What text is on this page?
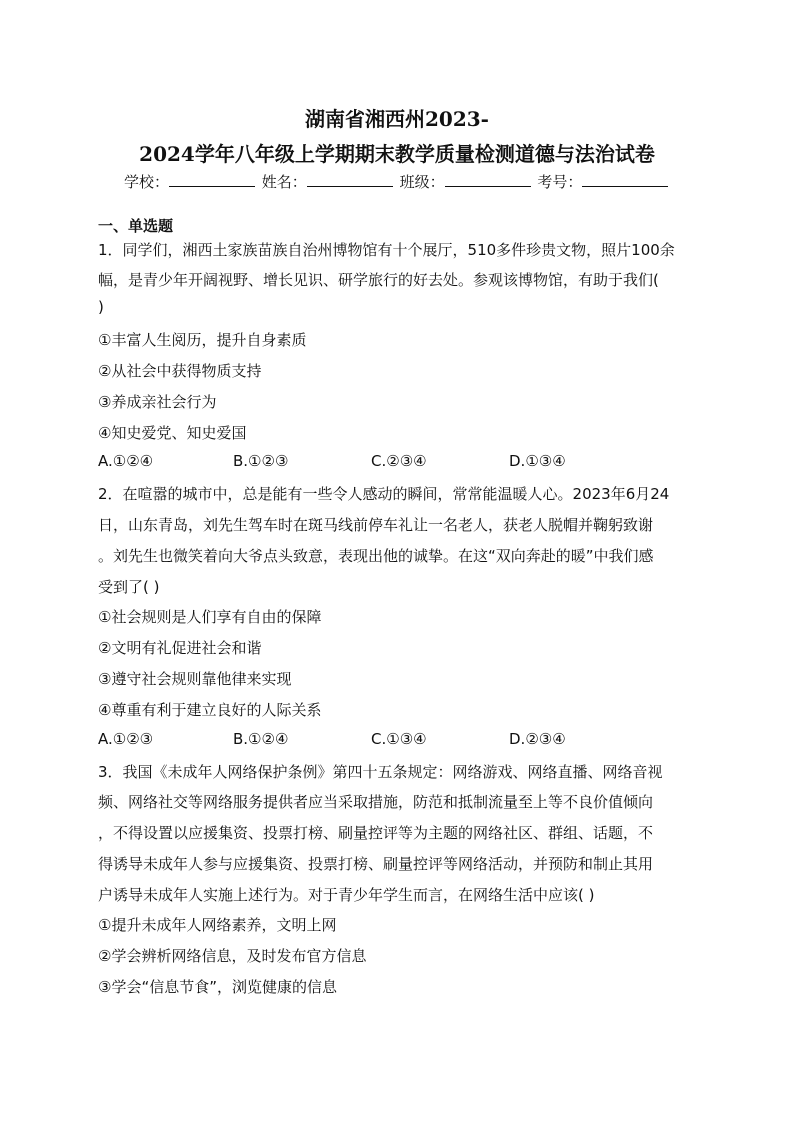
湖南省湘西州2023-
2024学年八年级上学期期末教学质量检测道德与法治试卷
学校：	姓名：	班级：	考号：
一、单选题
1．同学们，湘西土家族苗族自治州博物馆有十个展厅，510多件珍贵文物，照片100余
幅，是青少年开阔视野、增长见识、研学旅行的好去处。参观该博物馆，有助于我们(
)
①丰富人生阅历，提升自身素质
②从社会中获得物质支持
③养成亲社会行为
④知史爱党、知史爱国
A.①②④	B.①②③	C.②③④	D.①③④
2．在喧嚣的城市中，总是能有一些令人感动的瞬间，常常能温暖人心。2023年6月24
日，山东青岛，刘先生驾车时在斑马线前停车礼让一名老人，获老人脱帽并鞠躬致谢
。刘先生也微笑着向大爷点头致意，表现出他的诚挚。在这“双向奔赴的暖”中我们感
受到了( )
①社会规则是人们享有自由的保障
②文明有礼促进社会和谐
③遵守社会规则靠他律来实现
④尊重有利于建立良好的人际关系
A.①②③	B.①②④	C.①③④	D.②③④
3．我国《未成年人网络保护条例》第四十五条规定：网络游戏、网络直播、网络音视
频、网络社交等网络服务提供者应当采取措施，防范和抵制流量至上等不良价值倾向
，不得设置以应援集资、投票打榜、刷量控评等为主题的网络社区、群组、话题，不
得诱导未成年人参与应援集资、投票打榜、刷量控评等网络活动，并预防和制止其用
户诱导未成年人实施上述行为。对于青少年学生而言，在网络生活中应该( )
①提升未成年人网络素养，文明上网
②学会辨析网络信息，及时发布官方信息
③学会“信息节食”，浏览健康的信息
